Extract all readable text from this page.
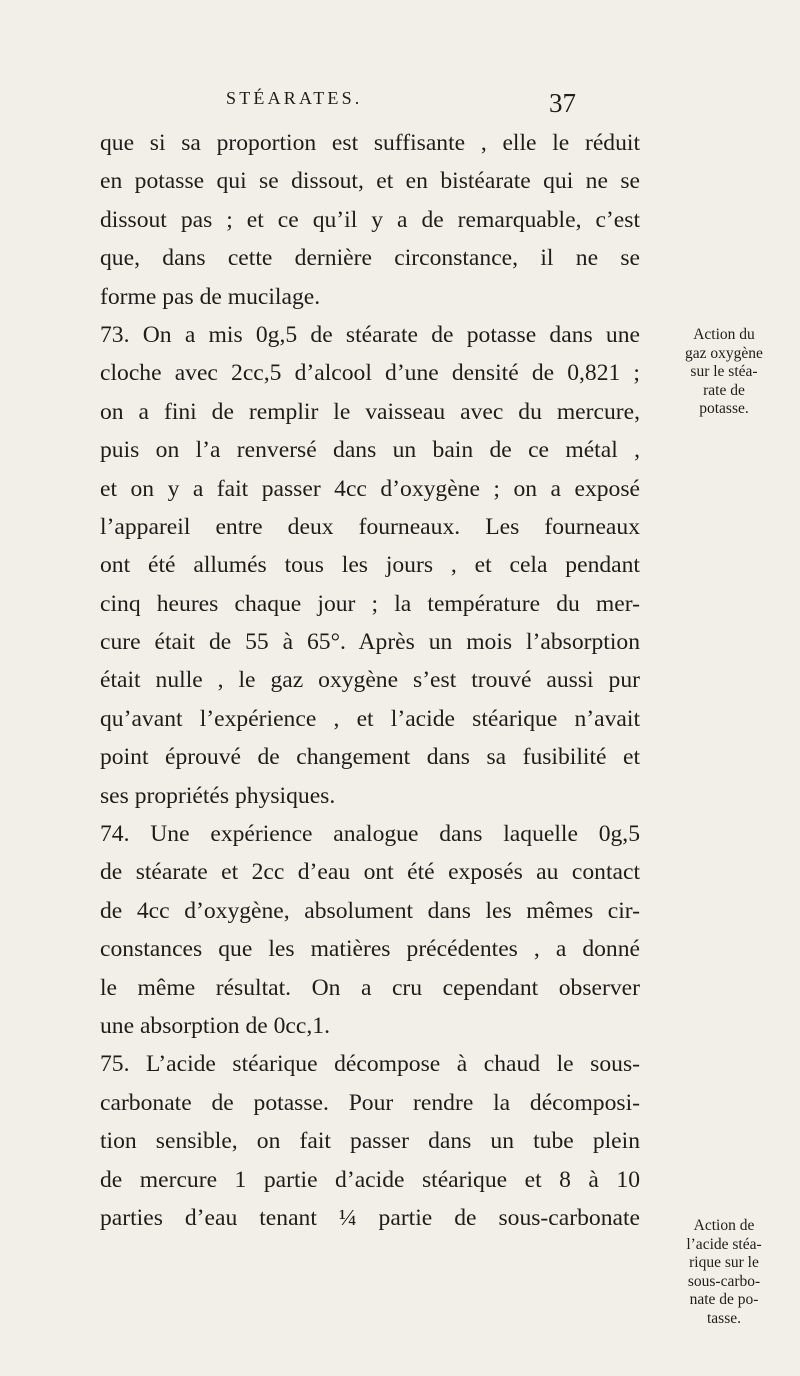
STÉARATES.	37
que si sa proportion est suffisante , elle le réduit
en potasse qui se dissout, et en bistéarate qui ne se
dissout pas ; et ce qu’il y a de remarquable, c’est
que, dans cette dernière circonstance, il ne se
forme pas de mucilage.
73. On a mis 0g,5 de stéarate de potasse dans une
cloche avec 2cc,5 d’alcool d’une densité de 0,821 ;
on a fini de remplir le vaisseau avec du mercure,
puis on l’a renversé dans un bain de ce métal ,
et on y a fait passer 4cc d’oxygène ; on a exposé
l’appareil entre deux fourneaux. Les fourneaux
ont été allumés tous les jours , et cela pendant
cinq heures chaque jour ; la température du mer-
cure était de 55 à 65°. Après un mois l’absorption
était nulle , le gaz oxygène s’est trouvé aussi pur
qu’avant l’expérience , et l’acide stéarique n’avait
point éprouvé de changement dans sa fusibilité et
ses propriétés physiques.
74. Une expérience analogue dans laquelle 0g,5
de stéarate et 2cc d’eau ont été exposés au contact
de 4cc d’oxygène, absolument dans les mêmes cir-
constances que les matières précédentes , a donné
le même résultat. On a cru cependant observer
une absorption de 0cc,1.
75. L’acide stéarique décompose à chaud le sous-
carbonate de potasse. Pour rendre la décomposi-
tion sensible, on fait passer dans un tube plein
de mercure 1 partie d’acide stéarique et 8 à 10
parties d’eau tenant ¼ partie de sous-carbonate
Action du
gaz oxygène
sur le stéa-
rate de
potasse.
Action de
l’acide stéa-
rique sur le
sous-carbo-
nate de po-
tasse.
